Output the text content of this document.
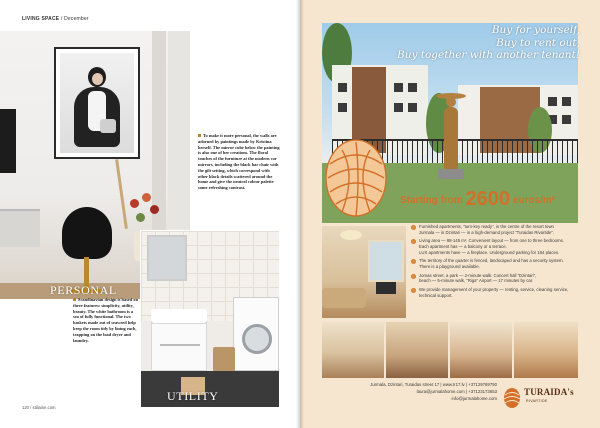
LIVING SPACE / December
To make it more personal, the walls are adorned by paintings made by Kristina herself. The mirror cube below the painting is also one of her creations. The floral touches of the furniture at the modern cor mirrors, including the black bar chair with the gilt setting, which correspond with other black details scattered around the home and give the neutral colour palette some refreshing contrast.
PERSONAL
Scandinavian design is based on three features: simplicity, utility, beauty. The white bathroom is a sea of fully functional. The two baskets made out of seaweed help keep the room tidy by lining each, trapping on the load dryer and laundry.
UTILITY
120 / stiliaine.com
Buy for yourself,
Buy to rent out,
Buy together with another tenant!
Starting from 2600 euros/m²
Furnished apartments, “turn-key ready”, in the centre of the resort town
Jurmala — in Dzintari — in a high-demand project “Turaidas Rivartide”.
Living area — 88-145 m². Convenient layout — from one to three bedrooms.
Each apartment has — a balcony or a terrace.
LUX apartments have — a fireplace. Underground parking for 184 places.
The territory of the quarter is fenced, landscaped and has a security system.
There is a playground available.
Jomas street, a park — 2-minute walk. Concert hall “Dzintari”,
beach — 5-minute walk, “Riga” Airport — 17 minutes by car.
We provide management of your property — renting, service, cleaning service,
technical support.
Jurmala, Dzintari, Turaidas street 17 | www.tr17.lv | +37129769750
laura@jurmalahome.com | +37123173653
info@jurmalahome.com
TURAIDA's
RIVARTIDE
